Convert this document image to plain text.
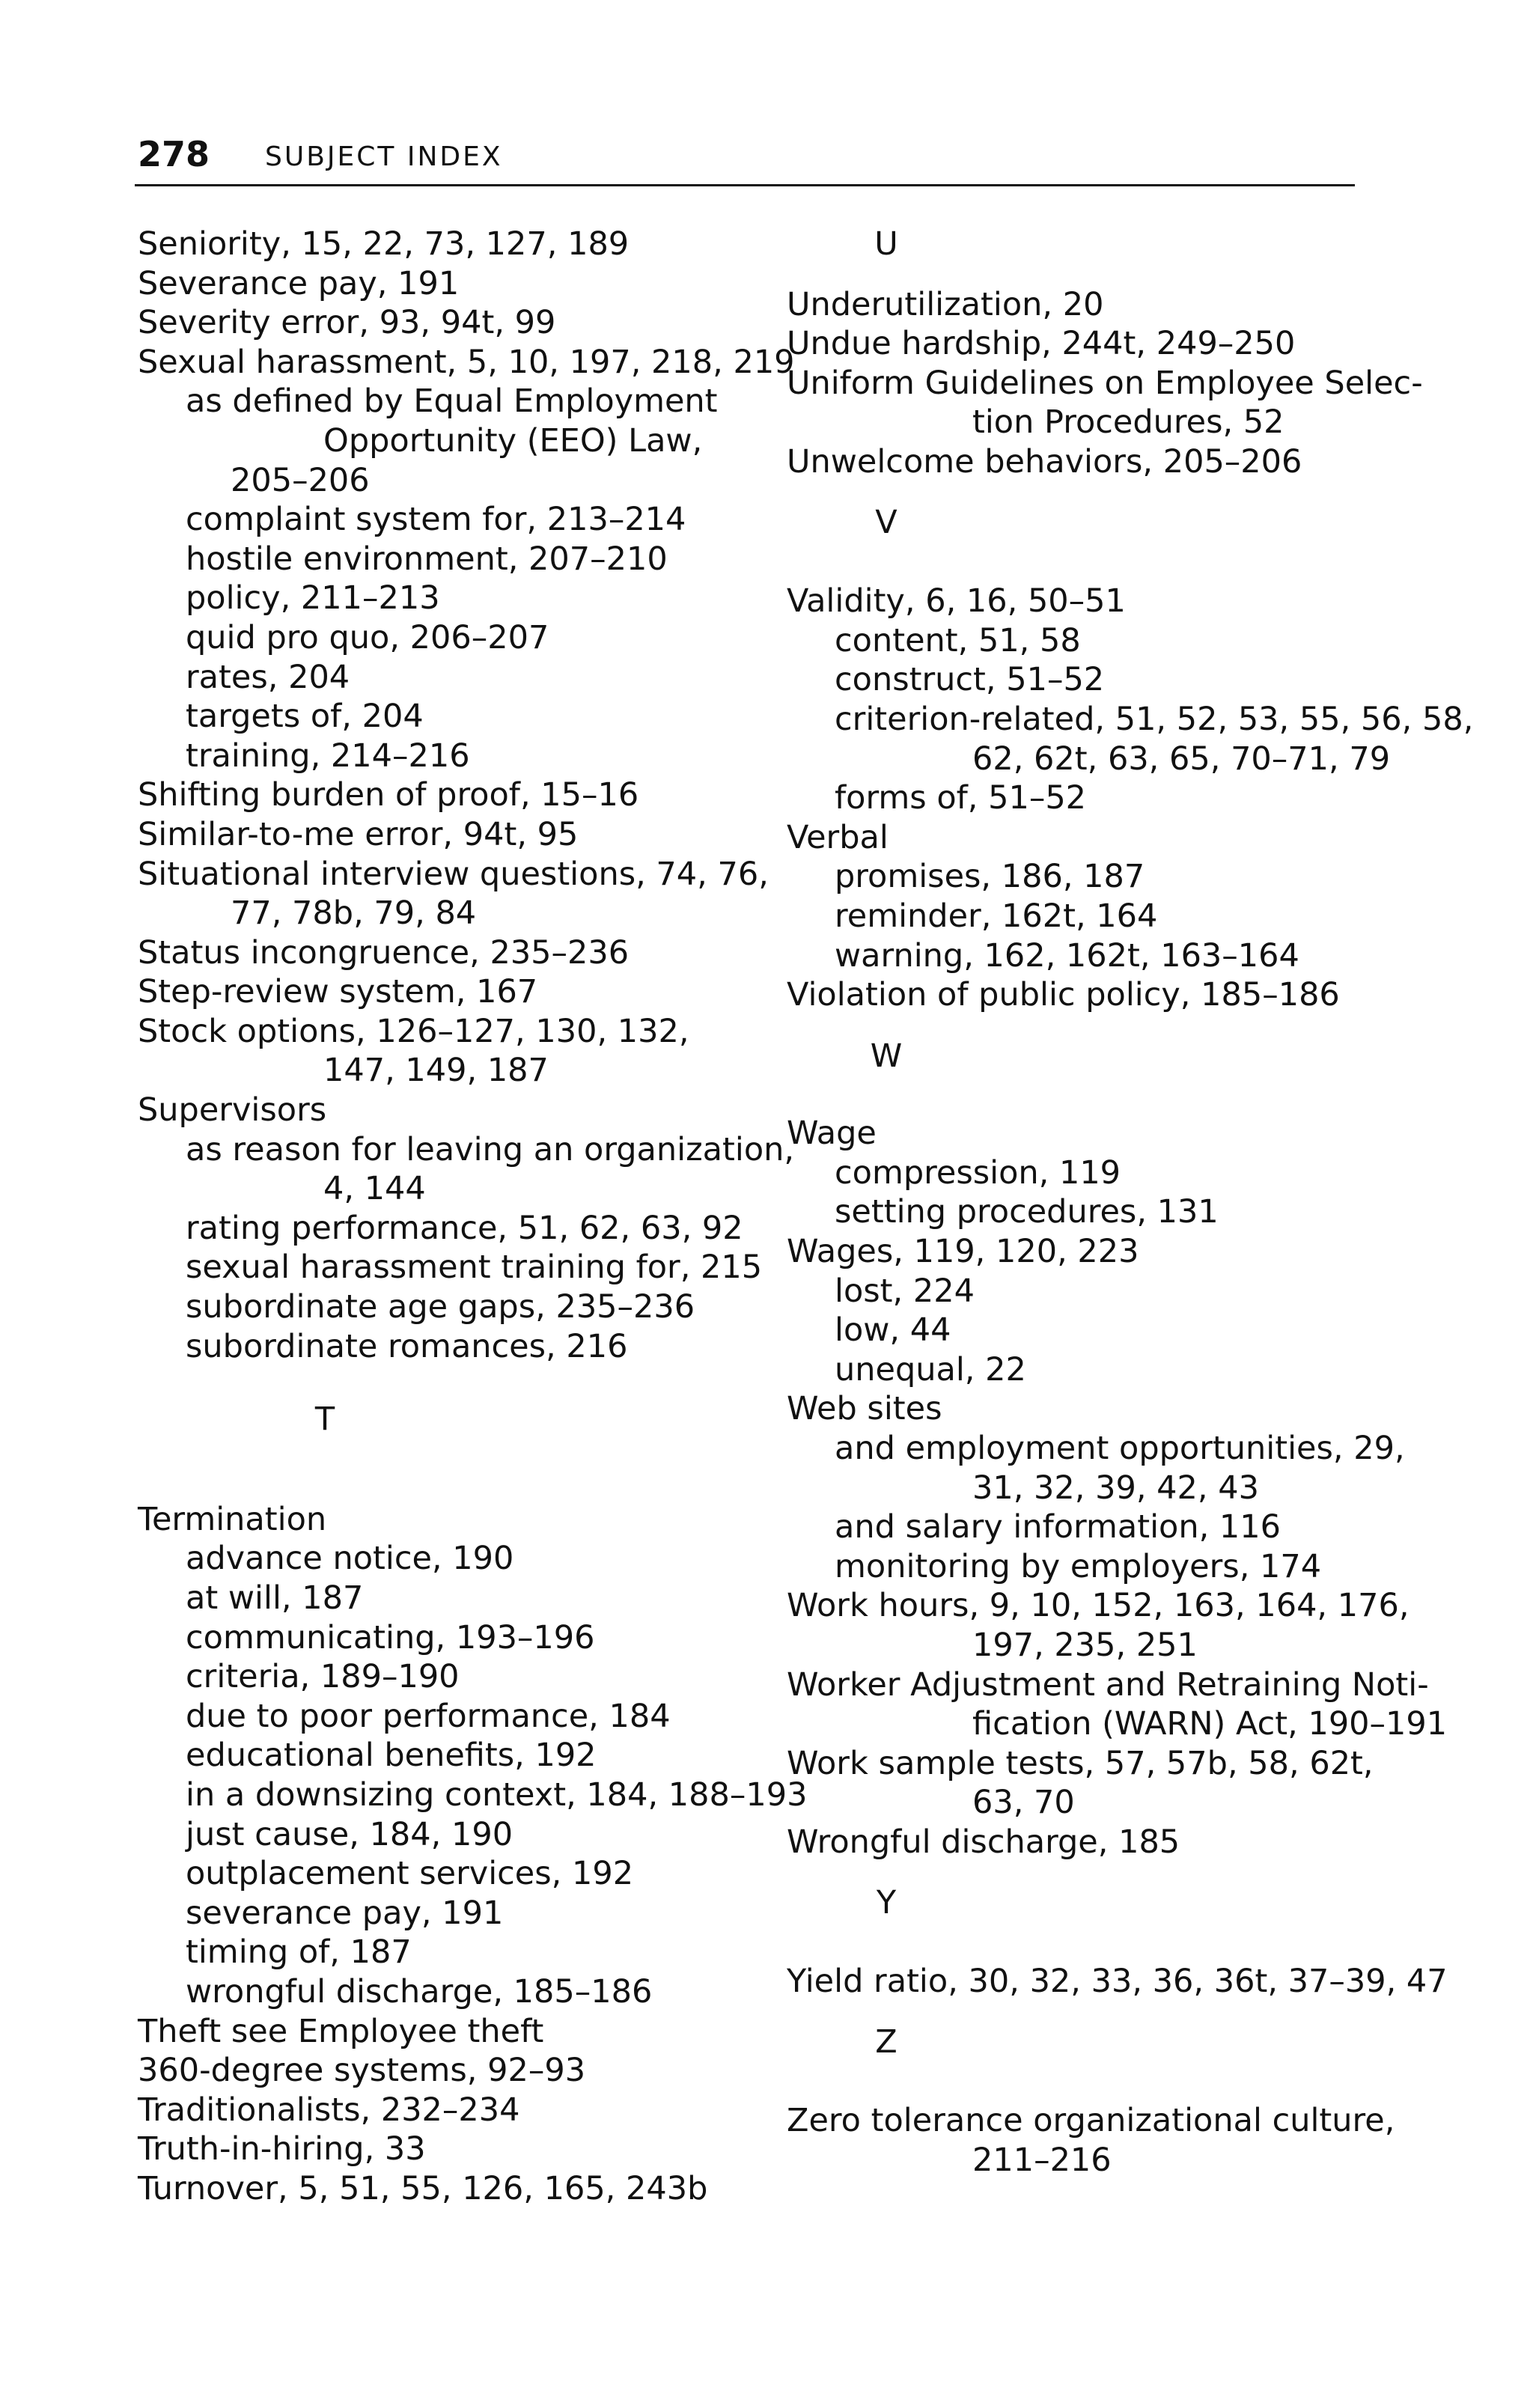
278 SUBJECT INDEX
Seniority, 15, 22, 73, 127, 189
Severance pay, 191
Severity error, 93, 94t, 99
Sexual harassment, 5, 10, 197, 218, 219
as defined by Equal Employment
Opportunity (EEO) Law,
205–206
complaint system for, 213–214
hostile environment, 207–210
policy, 211–213
quid pro quo, 206–207
rates, 204
targets of, 204
training, 214–216
Shifting burden of proof, 15–16
Similar-to-me error, 94t, 95
Situational interview questions, 74, 76,
77, 78b, 79, 84
Status incongruence, 235–236
Step-review system, 167
Stock options, 126–127, 130, 132,
147, 149, 187
Supervisors
as reason for leaving an organization,
4, 144
rating performance, 51, 62, 63, 92
sexual harassment training for, 215
subordinate age gaps, 235–236
subordinate romances, 216
T
Termination
advance notice, 190
at will, 187
communicating, 193–196
criteria, 189–190
due to poor performance, 184
educational benefits, 192
in a downsizing context, 184, 188–193
just cause, 184, 190
outplacement services, 192
severance pay, 191
timing of, 187
wrongful discharge, 185–186
Theft see Employee theft
360-degree systems, 92–93
Traditionalists, 232–234
Truth-in-hiring, 33
Turnover, 5, 51, 55, 126, 165, 243b
U
Underutilization, 20
Undue hardship, 244t, 249–250
Uniform Guidelines on Employee Selec-
tion Procedures, 52
Unwelcome behaviors, 205–206
V
Validity, 6, 16, 50–51
content, 51, 58
construct, 51–52
criterion-related, 51, 52, 53, 55, 56, 58,
62, 62t, 63, 65, 70–71, 79
forms of, 51–52
Verbal
promises, 186, 187
reminder, 162t, 164
warning, 162, 162t, 163–164
Violation of public policy, 185–186
W
Wage
compression, 119
setting procedures, 131
Wages, 119, 120, 223
lost, 224
low, 44
unequal, 22
Web sites
and employment opportunities, 29,
31, 32, 39, 42, 43
and salary information, 116
monitoring by employers, 174
Work hours, 9, 10, 152, 163, 164, 176,
197, 235, 251
Worker Adjustment and Retraining Noti-
fication (WARN) Act, 190–191
Work sample tests, 57, 57b, 58, 62t,
63, 70
Wrongful discharge, 185
Y
Yield ratio, 30, 32, 33, 36, 36t, 37–39, 47
Z
Zero tolerance organizational culture,
211–216
